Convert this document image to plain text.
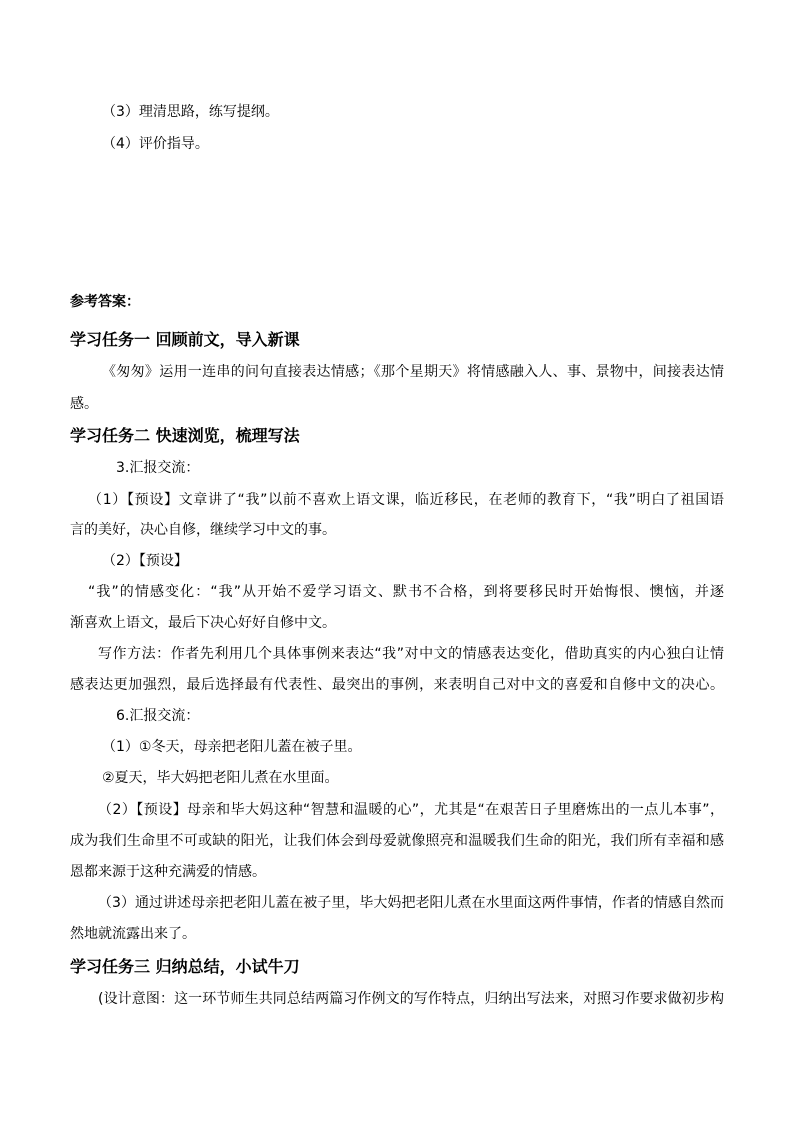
（3）理清思路，练写提纲。
（4）评价指导。
参考答案：
学习任务一 回顾前文，导入新课
《匆匆》运用一连串的问句直接表达情感；《那个星期天》将情感融入人、事、景物中，间接表达情
感。
学习任务二 快速浏览，梳理写法
3.汇报交流：
（1）【预设】文章讲了“我”以前不喜欢上语文课，临近移民，在老师的教育下，“我”明白了祖国语
言的美好，决心自修，继续学习中文的事。
（2）【预设】
“我”的情感变化：“我”从开始不爱学习语文、默书不合格，到将要移民时开始悔恨、懊恼，并逐
渐喜欢上语文，最后下决心好好自修中文。
写作方法：作者先利用几个具体事例来表达“我”对中文的情感表达变化，借助真实的内心独白让情
感表达更加强烈，最后选择最有代表性、最突出的事例，来表明自己对中文的喜爱和自修中文的决心。
6.汇报交流：
（1）①冬天，母亲把老阳儿蓋在被子里。
②夏天，毕大妈把老阳儿煮在水里面。
（2）【预设】母亲和毕大妈这种“智慧和温暖的心”，尤其是“在艰苦日子里磨炼出的一点儿本事”，
成为我们生命里不可或缺的阳光，让我们体会到母爱就像照亮和温暖我们生命的阳光，我们所有幸福和感
恩都来源于这种充满爱的情感。
（3）通过讲述母亲把老阳儿蓋在被子里，毕大妈把老阳儿煮在水里面这两件事情，作者的情感自然而
然地就流露出来了。
学习任务三 归纳总结，小试牛刀
(设计意图：这一环节师生共同总结两篇习作例文的写作特点，归纳出写法来，对照习作要求做初步构
